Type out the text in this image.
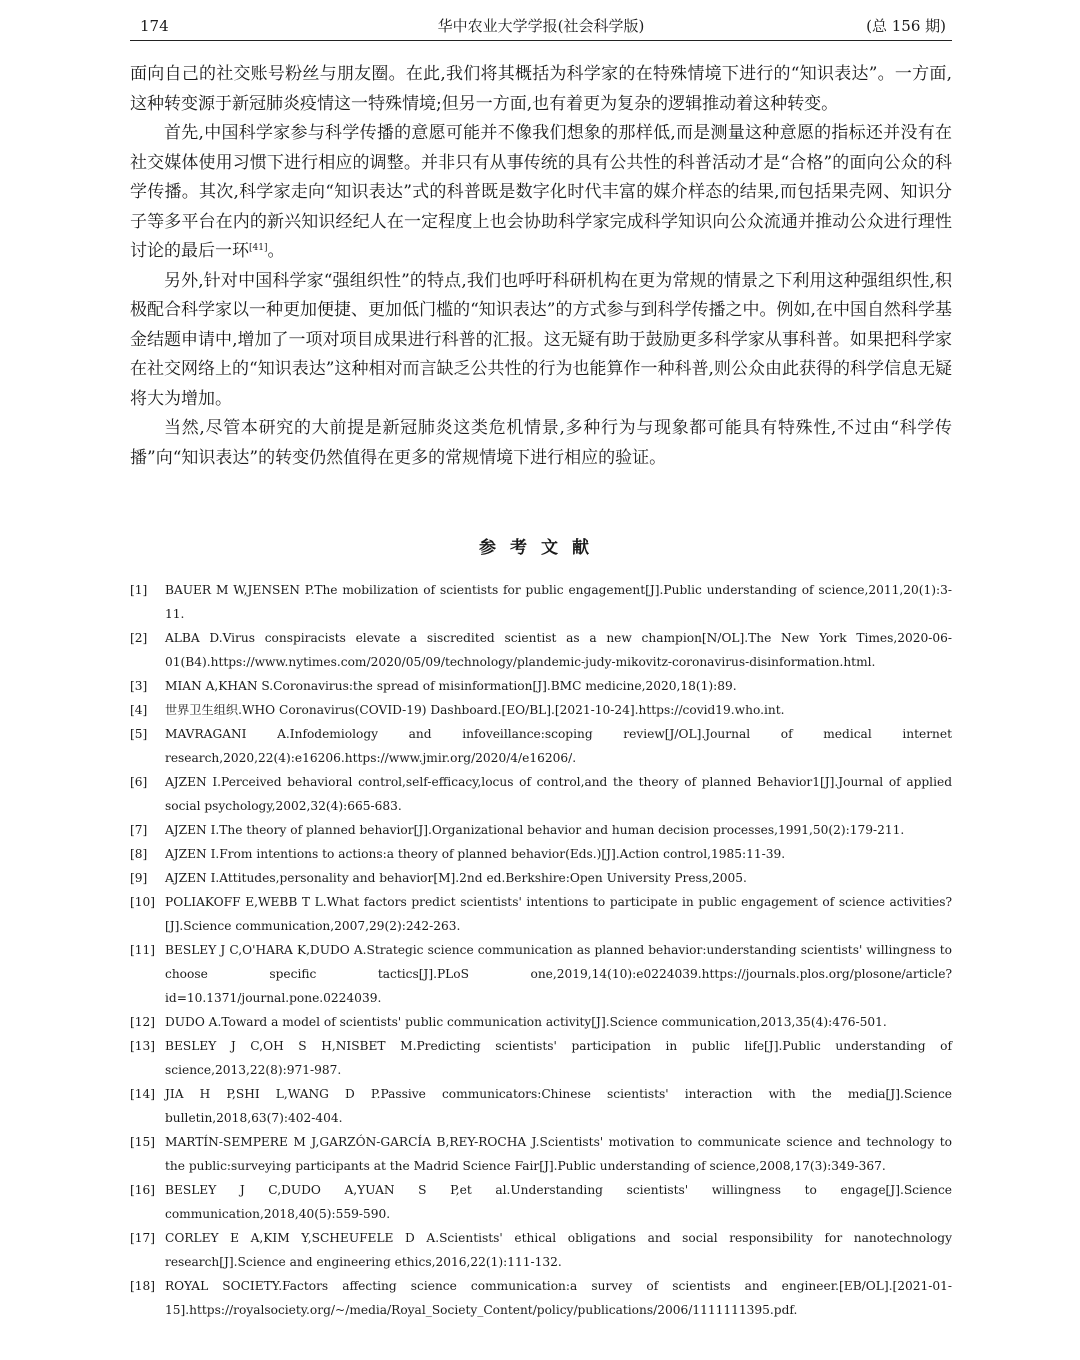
174	华中农业大学学报(社会科学版)	(总 156 期)

面向自己的社交账号粉丝与朋友圈。在此,我们将其概括为科学家的在特殊情境下进行的“知识表达”。一方面,这种转变源于新冠肺炎疫情这一特殊情境;但另一方面,也有着更为复杂的逻辑推动着这种转变。

首先,中国科学家参与科学传播的意愿可能并不像我们想象的那样低,而是测量这种意愿的指标还并没有在社交媒体使用习惯下进行相应的调整。并非只有从事传统的具有公共性的科普活动才是“合格”的面向公众的科学传播。其次,科学家走向“知识表达”式的科普既是数字化时代丰富的媒介样态的结果,而包括果壳网、知识分子等多平台在内的新兴知识经纪人在一定程度上也会协助科学家完成科学知识向公众流通并推动公众进行理性讨论的最后一环[41]。

另外,针对中国科学家“强组织性”的特点,我们也呼吁科研机构在更为常规的情景之下利用这种强组织性,积极配合科学家以一种更加便捷、更加低门槛的“知识表达”的方式参与到科学传播之中。例如,在中国自然科学基金结题申请中,增加了一项对项目成果进行科普的汇报。这无疑有助于鼓励更多科学家从事科普。如果把科学家在社交网络上的“知识表达”这种相对而言缺乏公共性的行为也能算作一种科普,则公众由此获得的科学信息无疑将大为增加。

当然,尽管本研究的大前提是新冠肺炎这类危机情景,多种行为与现象都可能具有特殊性,不过由“科学传播”向“知识表达”的转变仍然值得在更多的常规情境下进行相应的验证。

参考文献
[1] BAUER M W,JENSEN P.The mobilization of scientists for public engagement[J].Public understanding of science,2011,20(1):3-11.
[2] ALBA D.Virus conspiracists elevate a siscredited scientist as a new champion[N/OL].The New York Times,2020-06-01(B4).https://www.nytimes.com/2020/05/09/technology/plandemic-judy-mikovitz-coronavirus-disinformation.html.
[3] MIAN A,KHAN S.Coronavirus:the spread of misinformation[J].BMC medicine,2020,18(1):89.
[4] 世界卫生组织.WHO Coronavirus(COVID-19) Dashboard.[EO/BL].[2021-10-24].https://covid19.who.int.
[5] MAVRAGANI A.Infodemiology and infoveillance:scoping review[J/OL].Journal of medical internet research,2020,22(4):e16206.https://www.jmir.org/2020/4/e16206/.
[6] AJZEN I.Perceived behavioral control,self-efficacy,locus of control,and the theory of planned Behavior1[J].Journal of applied social psychology,2002,32(4):665-683.
[7] AJZEN I.The theory of planned behavior[J].Organizational behavior and human decision processes,1991,50(2):179-211.
[8] AJZEN I.From intentions to actions:a theory of planned behavior(Eds.)[J].Action control,1985:11-39.
[9] AJZEN I.Attitudes,personality and behavior[M].2nd ed.Berkshire:Open University Press,2005.
[10] POLIAKOFF E,WEBB T L.What factors predict scientists' intentions to participate in public engagement of science activities?[J].Science communication,2007,29(2):242-263.
[11] BESLEY J C,O'HARA K,DUDO A.Strategic science communication as planned behavior:understanding scientists' willingness to choose specific tactics[J].PLoS one,2019,14(10):e0224039.https://journals.plos.org/plosone/article? id=10.1371/journal.pone.0224039.
[12] DUDO A.Toward a model of scientists' public communication activity[J].Science communication,2013,35(4):476-501.
[13] BESLEY J C,OH S H,NISBET M.Predicting scientists' participation in public life[J].Public understanding of science,2013,22(8):971-987.
[14] JIA H P,SHI L,WANG D P.Passive communicators:Chinese scientists' interaction with the media[J].Science bulletin,2018,63(7):402-404.
[15] MARTÍN-SEMPERE M J,GARZÓN-GARCÍA B,REY-ROCHA J.Scientists' motivation to communicate science and technology to the public:surveying participants at the Madrid Science Fair[J].Public understanding of science,2008,17(3):349-367.
[16] BESLEY J C,DUDO A,YUAN S P,et al.Understanding scientists' willingness to engage[J].Science communication,2018,40(5):559-590.
[17] CORLEY E A,KIM Y,SCHEUFELE D A.Scientists' ethical obligations and social responsibility for nanotechnology research[J].Science and engineering ethics,2016,22(1):111-132.
[18] ROYAL SOCIETY.Factors affecting science communication:a survey of scientists and engineer.[EB/OL].[2021-01-15].https://royalsociety.org/~/media/Royal_Society_Content/policy/publications/2006/1111111395.pdf.
